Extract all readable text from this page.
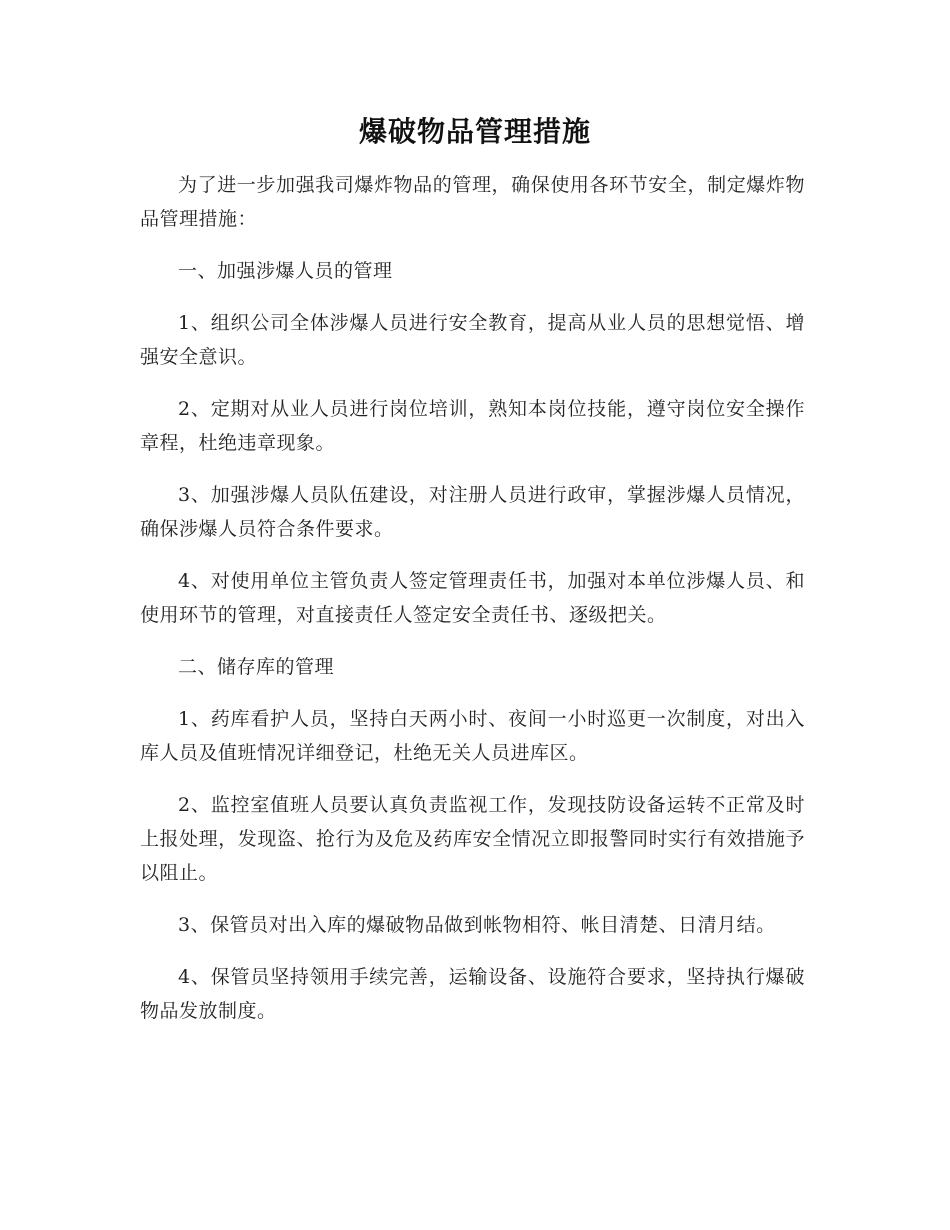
爆破物品管理措施

为了进一步加强我司爆炸物品的管理，确保使用各环节安全，制定爆炸物品管理措施：

一、加强涉爆人员的管理

1、组织公司全体涉爆人员进行安全教育，提高从业人员的思想觉悟、增强安全意识。

2、定期对从业人员进行岗位培训，熟知本岗位技能，遵守岗位安全操作章程，杜绝违章现象。

3、加强涉爆人员队伍建设，对注册人员进行政审，掌握涉爆人员情况，确保涉爆人员符合条件要求。

4、对使用单位主管负责人签定管理责任书，加强对本单位涉爆人员、和使用环节的管理，对直接责任人签定安全责任书、逐级把关。

二、储存库的管理

1、药库看护人员，坚持白天两小时、夜间一小时巡更一次制度，对出入库人员及值班情况详细登记，杜绝无关人员进库区。

2、监控室值班人员要认真负责监视工作，发现技防设备运转不正常及时上报处理，发现盗、抢行为及危及药库安全情况立即报警同时实行有效措施予以阻止。

3、保管员对出入库的爆破物品做到帐物相符、帐目清楚、日清月结。

4、保管员坚持领用手续完善，运输设备、设施符合要求，坚持执行爆破物品发放制度。
